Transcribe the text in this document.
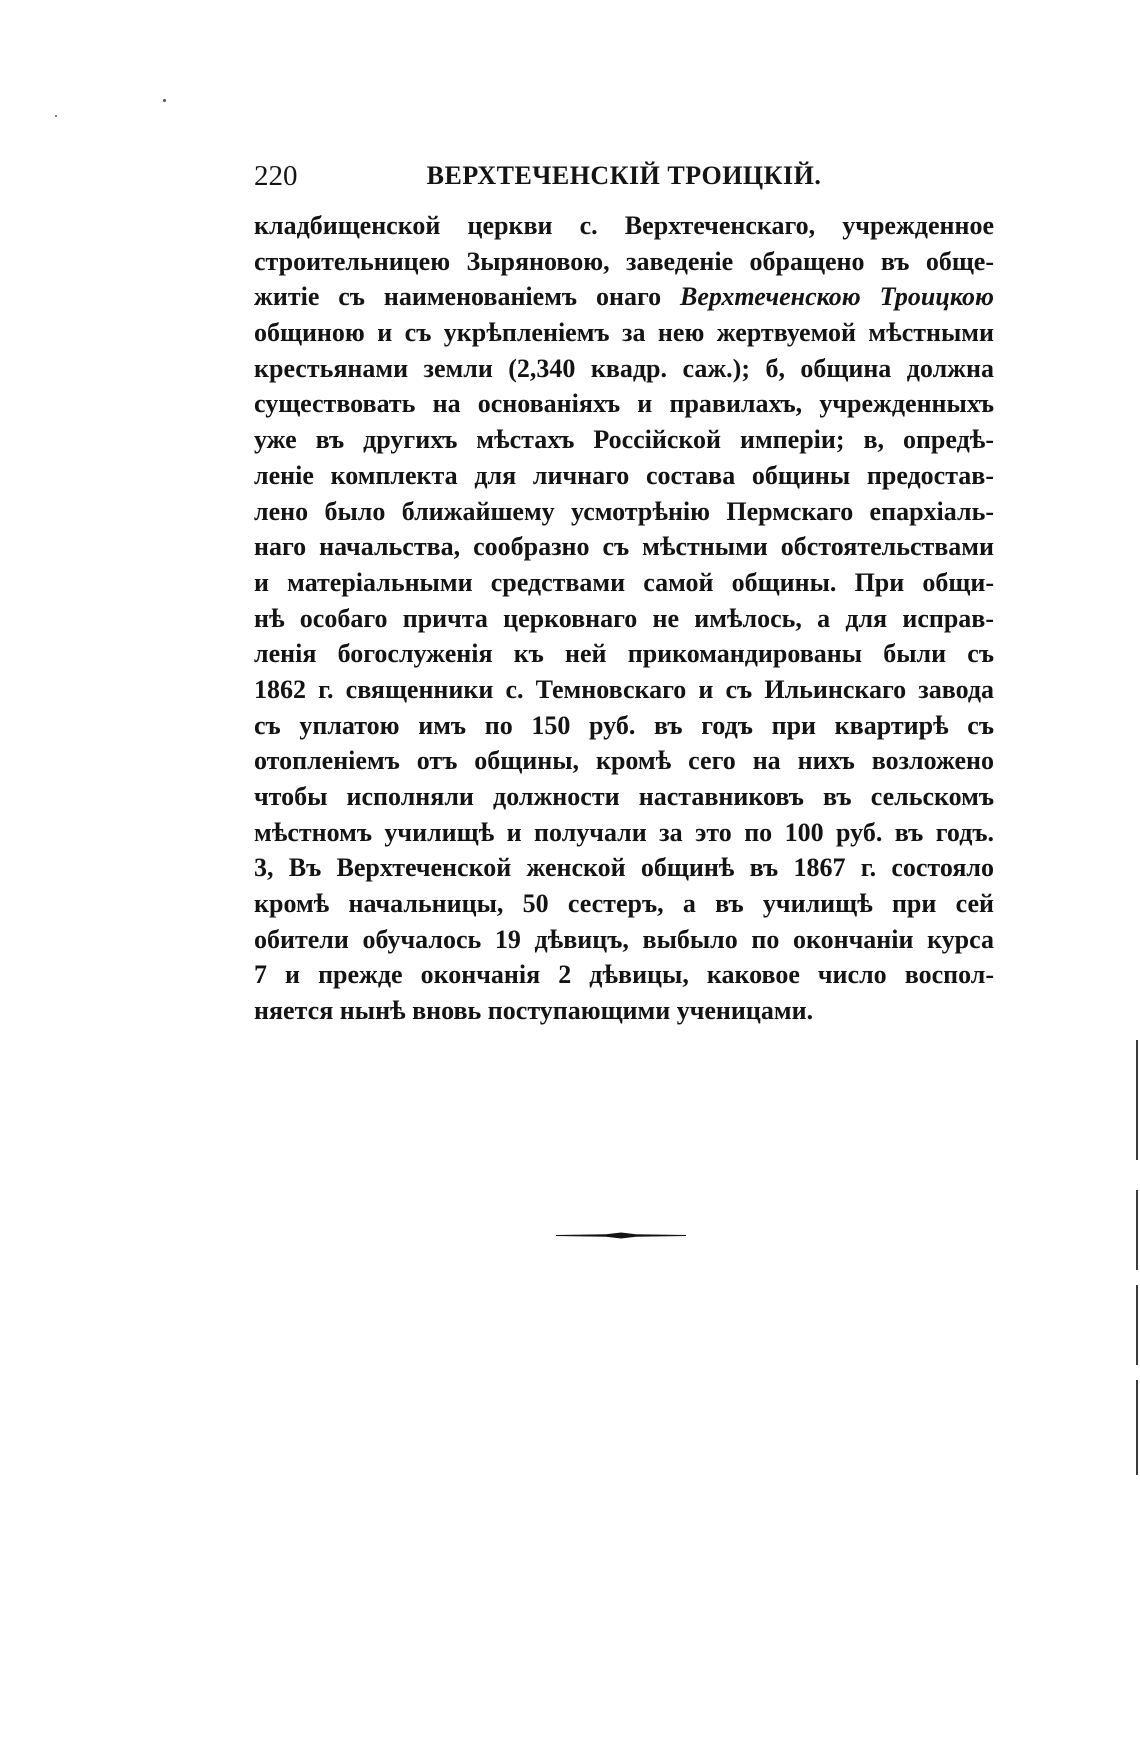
220	ВЕРХТЕЧЕНСКІЙ ТРОИЦКІЙ.
кладбищенской церкви с. Верхтеченскаго, учрежденное
строительницею Зыряновою, заведеніе обращено въ обще-
житіе съ наименованіемъ онаго Верхтеченскою Троицкою
общиною и съ укрѣпленіемъ за нею жертвуемой мѣстными
крестьянами земли (2,340 квадр. саж.); б, община должна
существовать на основаніяхъ и правилахъ, учрежденныхъ
уже въ другихъ мѣстахъ Россійской имперіи; в, опредѣ-
леніе комплекта для личнаго состава общины предостав-
лено было ближайшему усмотрѣнію Пермскаго епархіаль-
наго начальства, сообразно съ мѣстными обстоятельствами
и матеріальными средствами самой общины. При общи-
нѣ особаго причта церковнаго не имѣлось, а для исправ-
ленія богослуженія къ ней прикомандированы были съ
1862 г. священники с. Темновскаго и съ Ильинскаго завода
съ уплатою имъ по 150 руб. въ годъ при квартирѣ съ
отопленіемъ отъ общины, кромѣ сего на нихъ возложено
чтобы исполняли должности наставниковъ въ сельскомъ
мѣстномъ училищѣ и получали за это по 100 руб. въ годъ.
3, Въ Верхтеченской женской общинѣ въ 1867 г. состояло
кромѣ начальницы, 50 сестеръ, а въ училищѣ при сей
обители обучалось 19 дѣвицъ, выбыло по окончаніи курса
7 и прежде окончанія 2 дѣвицы, каковое число воспол-
няется нынѣ вновь поступающими ученицами.
